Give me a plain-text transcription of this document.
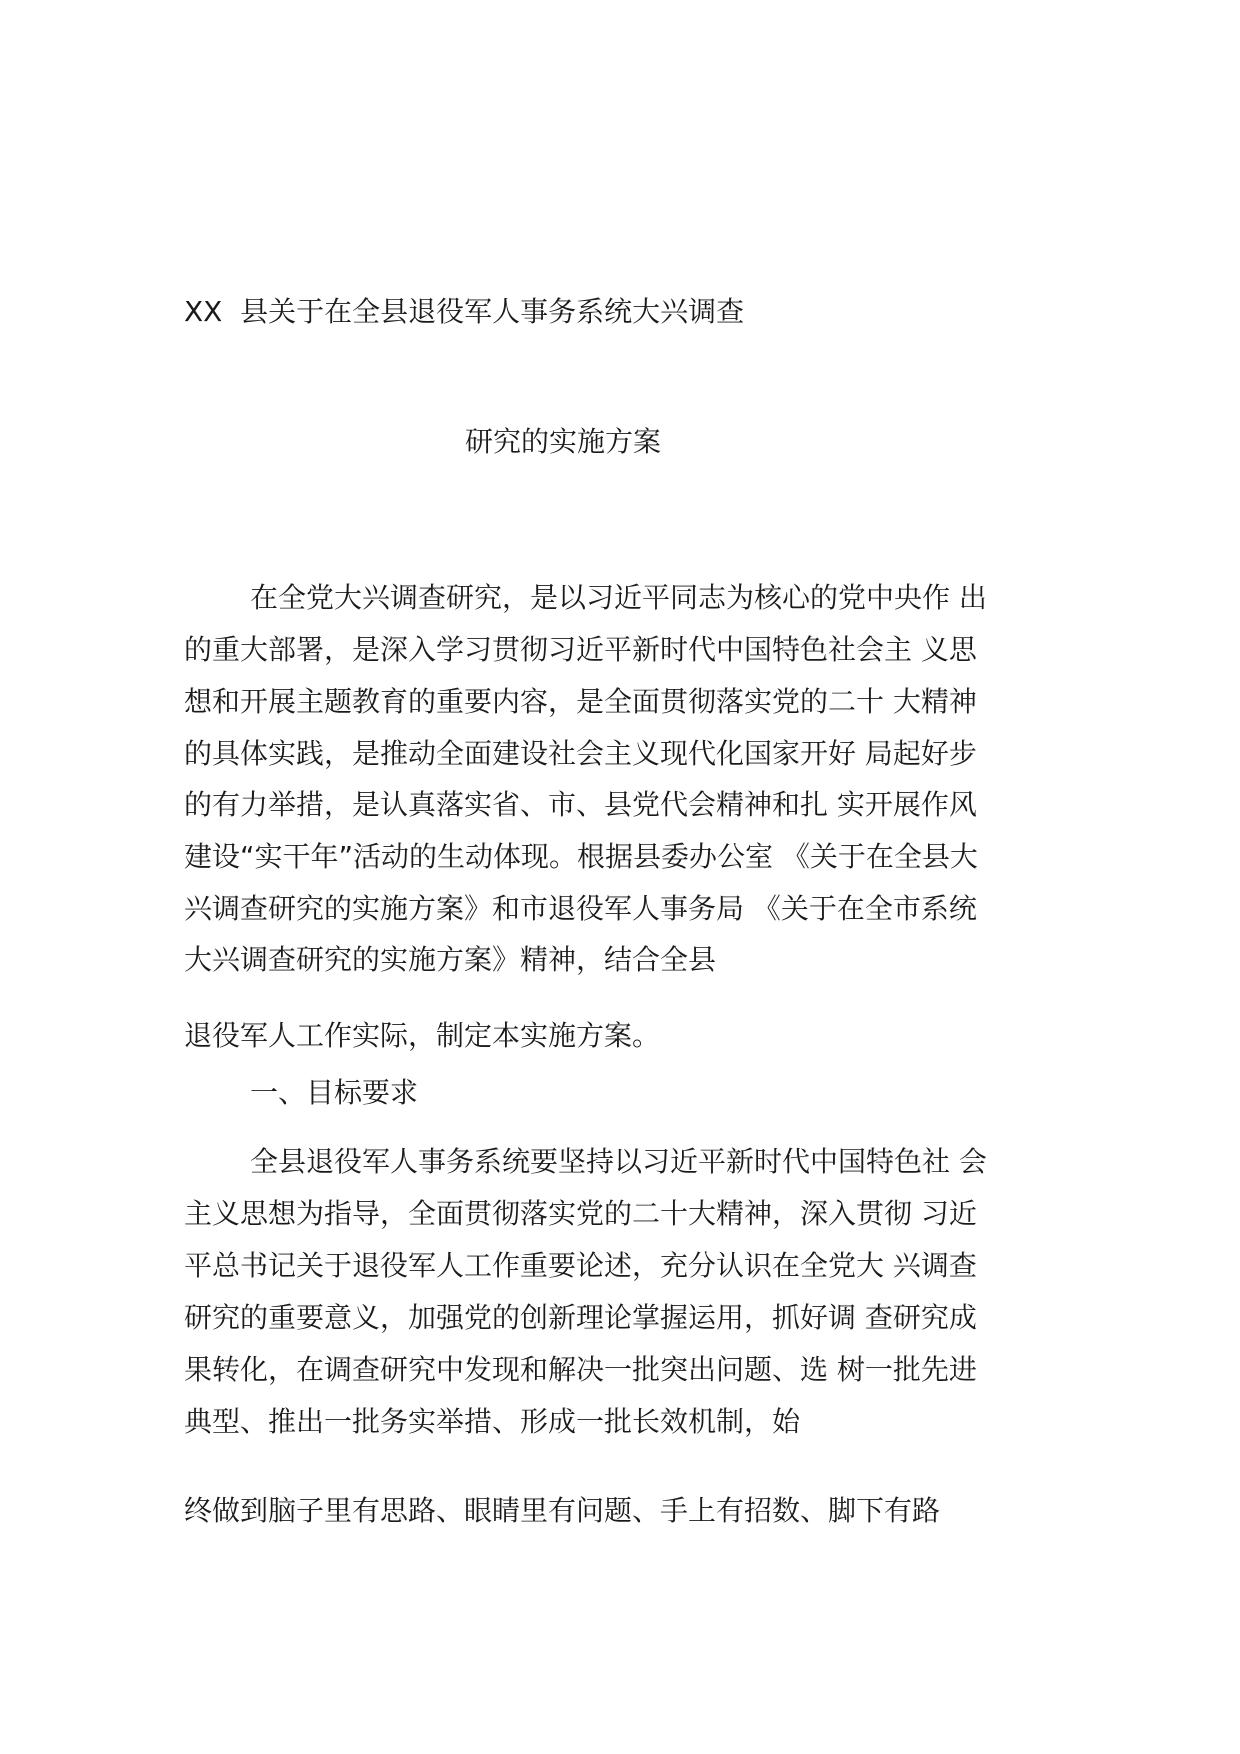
XX  县关于在全县退役军人事务系统大兴调查

研究的实施方案

在全党大兴调查研究，是以习近平同志为核心的党中央作 出

的重大部署，是深入学习贯彻习近平新时代中国特色社会主 义思

想和开展主题教育的重要内容，是全面贯彻落实党的二十 大精神

的具体实践，是推动全面建设社会主义现代化国家开好 局起好步

的有力举措，是认真落实省、市、县党代会精神和扎 实开展作风

建设“实干年”活动的生动体现。根据县委办公室 《关于在全县大

兴调查研究的实施方案》和市退役军人事务局 《关于在全市系统

大兴调查研究的实施方案》精神，结合全县

退役军人工作实际，制定本实施方案。

一、目标要求

全县退役军人事务系统要坚持以习近平新时代中国特色社 会

主义思想为指导，全面贯彻落实党的二十大精神，深入贯彻 习近

平总书记关于退役军人工作重要论述，充分认识在全党大 兴调查

研究的重要意义，加强党的创新理论掌握运用，抓好调 查研究成

果转化，在调查研究中发现和解决一批突出问题、选 树一批先进

典型、推出一批务实举措、形成一批长效机制，始

终做到脑子里有思路、眼睛里有问题、手上有招数、脚下有路
